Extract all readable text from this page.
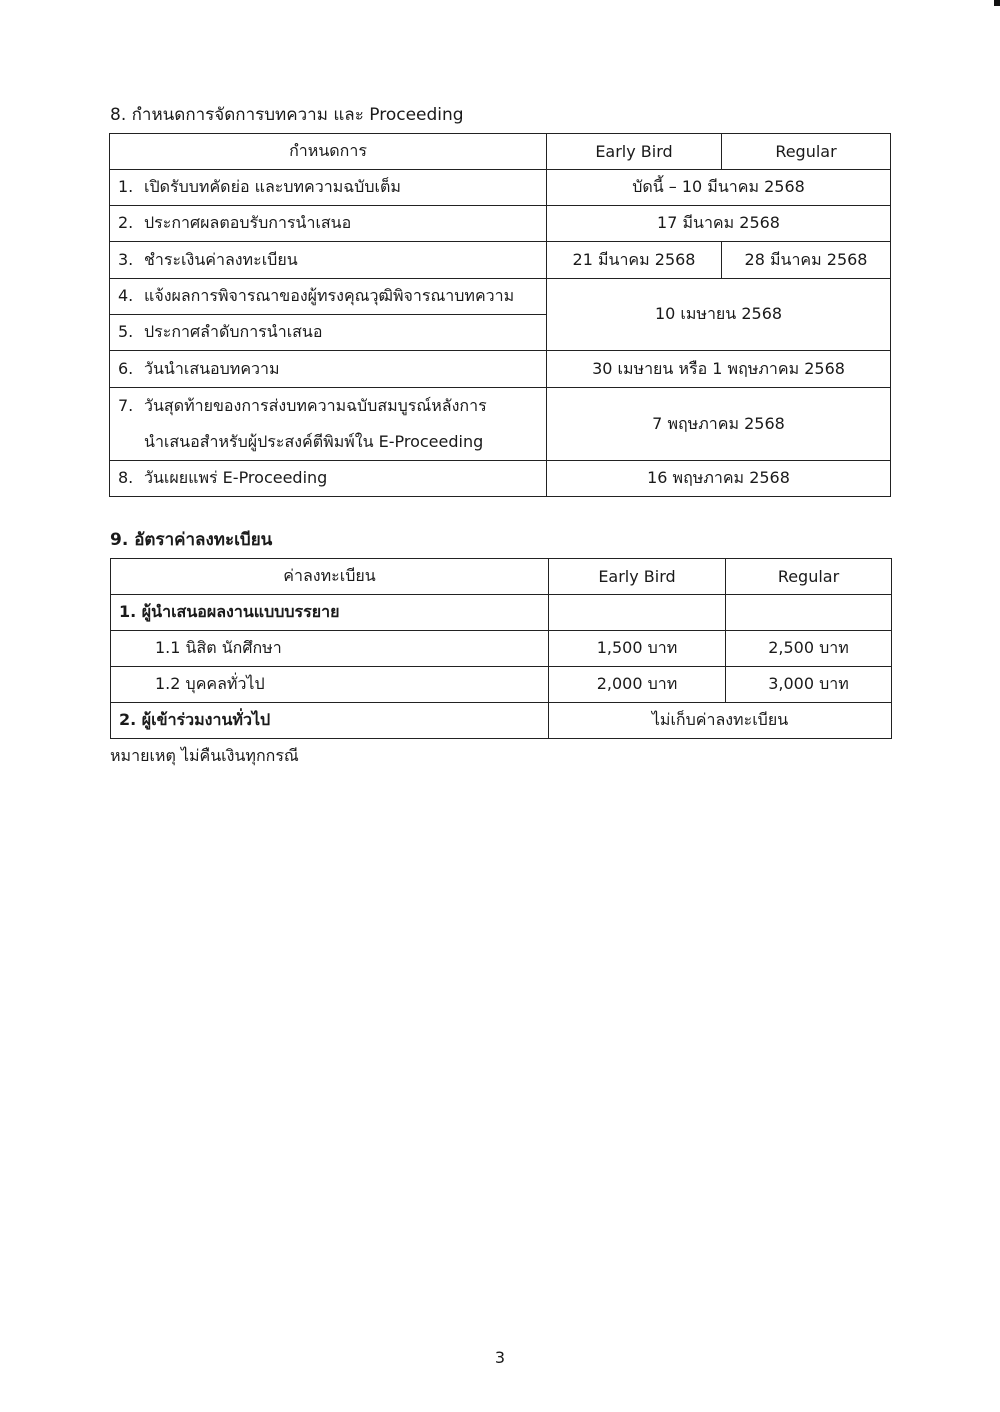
8. กำหนดการจัดการบทความ และ Proceeding
กำหนดการ	Early Bird	Regular
1. เปิดรับบทคัดย่อ และบทความฉบับเต็ม	บัดนี้ – 10 มีนาคม 2568	
2. ประกาศผลตอบรับการนำเสนอ	17 มีนาคม 2568	
3. ชำระเงินค่าลงทะเบียน	21 มีนาคม 2568	28 มีนาคม 2568
4. แจ้งผลการพิจารณาของผู้ทรงคุณวุฒิพิจารณาบทความ	10 เมษายน 2568	
5. ประกาศลำดับการนำเสนอ		
6. วันนำเสนอบทความ	30 เมษายน หรือ 1 พฤษภาคม 2568	
7. วันสุดท้ายของการส่งบทความฉบับสมบูรณ์หลังการ
นำเสนอสำหรับผู้ประสงค์ตีพิมพ์ใน E-Proceeding	7 พฤษภาคม 2568	
8. วันเผยแพร่ E-Proceeding	16 พฤษภาคม 2568	
9. อัตราค่าลงทะเบียน
ค่าลงทะเบียน	Early Bird	Regular
1. ผู้นำเสนอผลงานแบบบรรยาย		
1.1 นิสิต นักศึกษา	1,500 บาท	2,500 บาท
1.2 บุคคลทั่วไป	2,000 บาท	3,000 บาท
2. ผู้เข้าร่วมงานทั่วไป	ไม่เก็บค่าลงทะเบียน	
หมายเหตุ ไม่คืนเงินทุกกรณี
3
